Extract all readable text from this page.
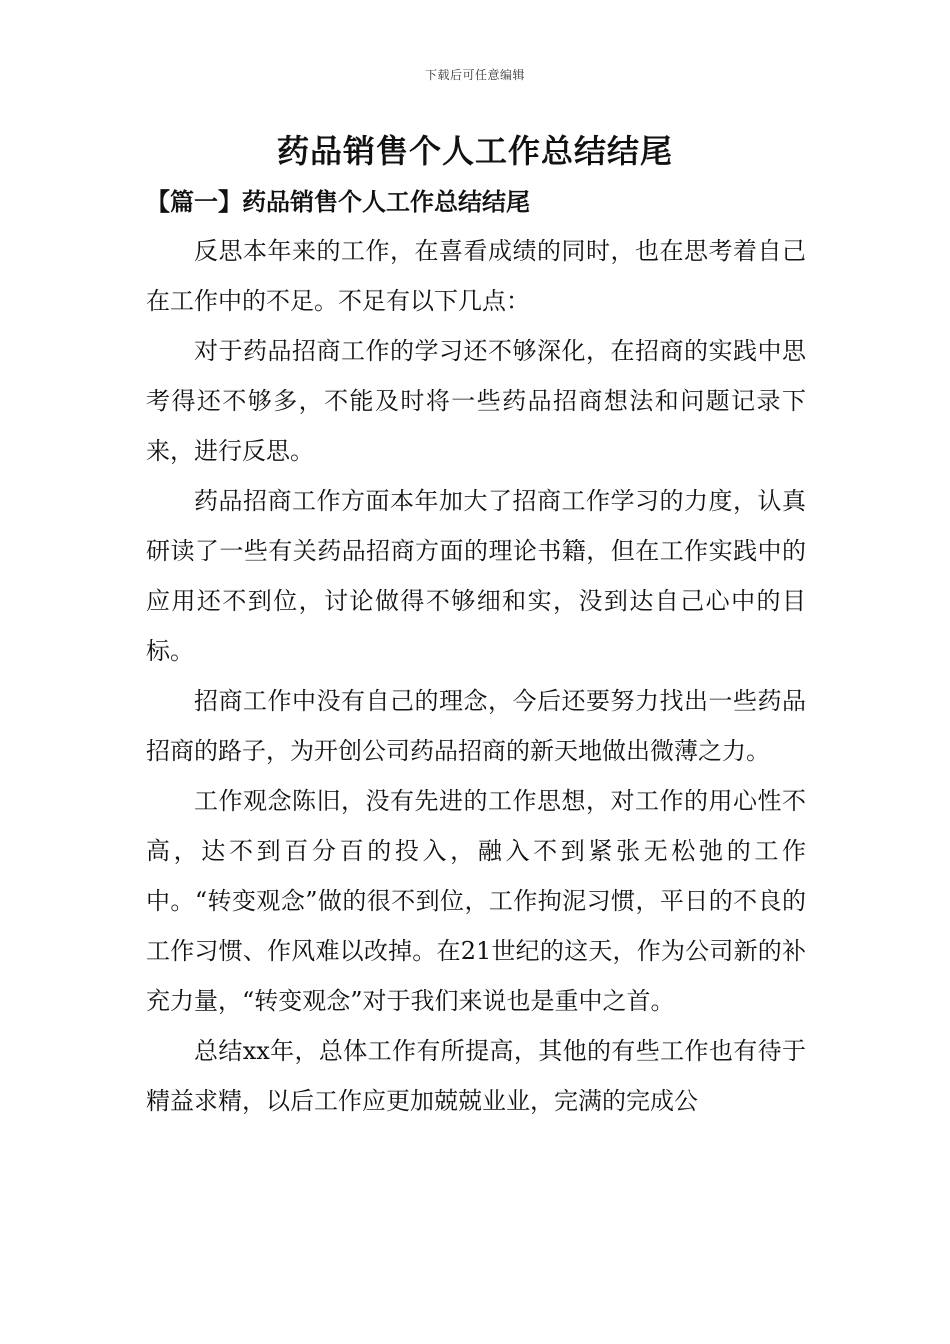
下载后可任意编辑
药品销售个人工作总结结尾
【篇一】药品销售个人工作总结结尾

反思本年来的工作，在喜看成绩的同时，也在思考着自己在工作中的不足。不足有以下几点：

对于药品招商工作的学习还不够深化，在招商的实践中思考得还不够多，不能及时将一些药品招商想法和问题记录下来，进行反思。

药品招商工作方面本年加大了招商工作学习的力度，认真研读了一些有关药品招商方面的理论书籍，但在工作实践中的应用还不到位，讨论做得不够细和实，没到达自己心中的目标。

招商工作中没有自己的理念，今后还要努力找出一些药品招商的路子，为开创公司药品招商的新天地做出微薄之力。

工作观念陈旧，没有先进的工作思想，对工作的用心性不高，达不到百分百的投入，融入不到紧张无松弛的工作中。“转变观念”做的很不到位，工作拘泥习惯，平日的不良的工作习惯、作风难以改掉。在21世纪的这天，作为公司新的补充力量，“转变观念”对于我们来说也是重中之首。

总结xx年，总体工作有所提高，其他的有些工作也有待于精益求精，以后工作应更加兢兢业业，完满的完成公
